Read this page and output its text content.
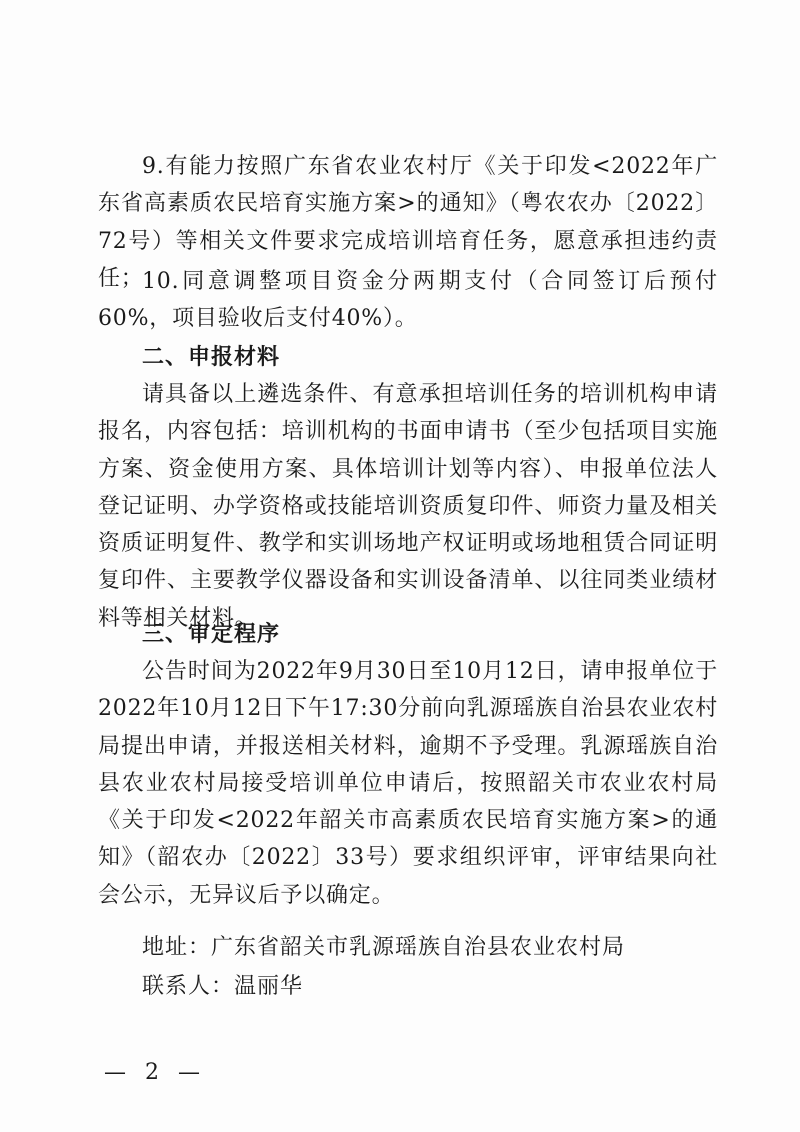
9.有能力按照广东省农业农村厅《关于印发<2022年广东省高素质农民培育实施方案>的通知》（粤农农办〔2022〕72号）等相关文件要求完成培训培育任务，愿意承担违约责任；

10.同意调整项目资金分两期支付（合同签订后预付60%，项目验收后支付40%）。

二、申报材料

请具备以上遴选条件、有意承担培训任务的培训机构申请报名，内容包括：培训机构的书面申请书（至少包括项目实施方案、资金使用方案、具体培训计划等内容）、申报单位法人登记证明、办学资格或技能培训资质复印件、师资力量及相关资质证明复件、教学和实训场地产权证明或场地租赁合同证明复印件、主要教学仪器设备和实训设备清单、以往同类业绩材料等相关材料。

三、审定程序

公告时间为2022年9月30日至10月12日，请申报单位于2022年10月12日下午17:30分前向乳源瑶族自治县农业农村局提出申请，并报送相关材料，逾期不予受理。乳源瑶族自治县农业农村局接受培训单位申请后，按照韶关市农业农村局《关于印发<2022年韶关市高素质农民培育实施方案>的通知》（韶农办〔2022〕33号）要求组织评审，评审结果向社会公示，无异议后予以确定。

地址：广东省韶关市乳源瑶族自治县农业农村局

联系人：温丽华

— 2 —
